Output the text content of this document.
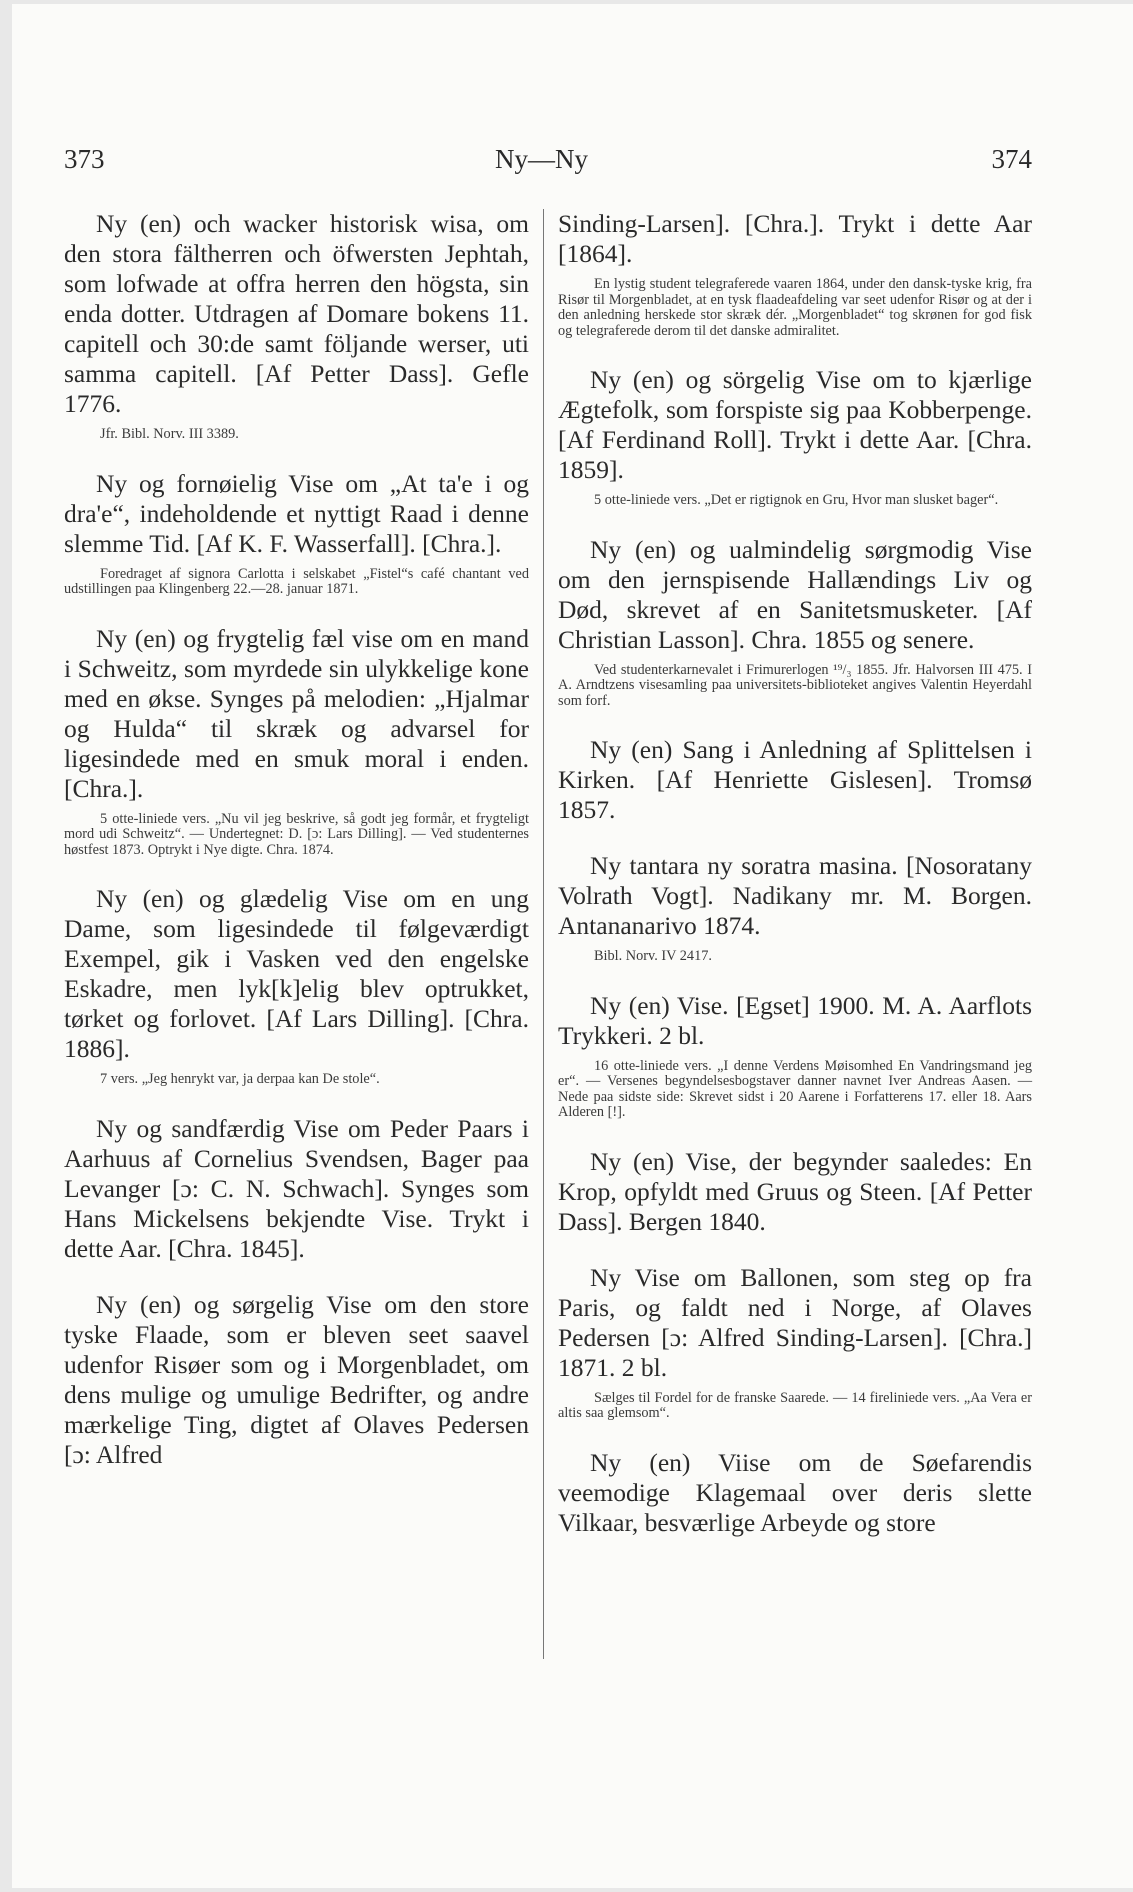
373	Ny—Ny	374

Ny (en) och wacker historisk wisa, om den stora fältherren och öfwersten Jephtah, som lofwade at offra herren den högsta, sin enda dotter. Utdragen af Domare bokens 11. capitell och 30:de samt följande werser, uti samma capitell. [Af Petter Dass]. Gefle 1776.

Jfr. Bibl. Norv. III 3389.

Ny og fornøielig Vise om „At ta'e i og dra'e“, indeholdende et nyttigt Raad i denne slemme Tid. [Af K. F. Wasserfall]. [Chra.].

Foredraget af signora Carlotta i selskabet „Fistel“s café chantant ved udstillingen paa Klingenberg 22.—28. januar 1871.

Ny (en) og frygtelig fæl vise om en mand i Schweitz, som myrdede sin ulykkelige kone med en økse. Synges på melodien: „Hjalmar og Hulda“ til skræk og advarsel for ligesindede med en smuk moral i enden. [Chra.].

5 otte-liniede vers. „Nu vil jeg beskrive, så godt jeg formår, et frygteligt mord udi Schweitz“. — Undertegnet: D. [ɔ: Lars Dilling]. — Ved studenternes høstfest 1873. Optrykt i Nye digte. Chra. 1874.

Ny (en) og glædelig Vise om en ung Dame, som ligesindede til følgeværdigt Exempel, gik i Vasken ved den engelske Eskadre, men lyk[k]elig blev optrukket, tørket og forlovet. [Af Lars Dilling]. [Chra. 1886].

7 vers. „Jeg henrykt var, ja derpaa kan De stole“.

Ny og sandfærdig Vise om Peder Paars i Aarhuus af Cornelius Svendsen, Bager paa Levanger [ɔ: C. N. Schwach]. Synges som Hans Mickelsens bekjendte Vise. Trykt i dette Aar. [Chra. 1845].

Ny (en) og sørgelig Vise om den store tyske Flaade, som er bleven seet saavel udenfor Risøer som og i Morgenbladet, om dens mulige og umulige Bedrifter, og andre mærkelige Ting, digtet af Olaves Pedersen [ɔ: Alfred

Sinding-Larsen]. [Chra.]. Trykt i dette Aar [1864].

En lystig student telegraferede vaaren 1864, under den dansk-tyske krig, fra Risør til Morgenbladet, at en tysk flaadeafdeling var seet udenfor Risør og at der i den anledning herskede stor skræk dér. „Morgenbladet“ tog skrønen for god fisk og telegraferede derom til det danske admiralitet.

Ny (en) og sörgelig Vise om to kjærlige Ægtefolk, som forspiste sig paa Kobberpenge. [Af Ferdinand Roll]. Trykt i dette Aar. [Chra. 1859].

5 otte-liniede vers. „Det er rigtignok en Gru, Hvor man slusket bager“.

Ny (en) og ualmindelig sørgmodig Vise om den jernspisende Hallændings Liv og Død, skrevet af en Sanitetsmusketer. [Af Christian Lasson]. Chra. 1855 og senere.

Ved studenterkarnevalet i Frimurerlogen ¹⁹/₃ 1855. Jfr. Halvorsen III 475. I A. Arndtzens visesamling paa universitets-biblioteket angives Valentin Heyerdahl som forf.

Ny (en) Sang i Anledning af Splittelsen i Kirken. [Af Henriette Gislesen]. Tromsø 1857.

Ny tantara ny soratra masina. [Nosoratany Volrath Vogt]. Nadikany mr. M. Borgen. Antananarivo 1874.

Bibl. Norv. IV 2417.

Ny (en) Vise. [Egset] 1900. M. A. Aarflots Trykkeri. 2 bl.

16 otte-liniede vers. „I denne Verdens Møisomhed En Vandringsmand jeg er“. — Versenes begyndelsesbogstaver danner navnet Iver Andreas Aasen. — Nede paa sidste side: Skrevet sidst i 20 Aarene i Forfatterens 17. eller 18. Aars Alderen [!].

Ny (en) Vise, der begynder saaledes: En Krop, opfyldt med Gruus og Steen. [Af Petter Dass]. Bergen 1840.

Ny Vise om Ballonen, som steg op fra Paris, og faldt ned i Norge, af Olaves Pedersen [ɔ: Alfred Sinding-Larsen]. [Chra.] 1871. 2 bl.

Sælges til Fordel for de franske Saarede. — 14 fireliniede vers. „Aa Vera er altis saa glemsom“.

Ny (en) Viise om de Søefarendis veemodige Klagemaal over deris slette Vilkaar, besværlige Arbeyde og store
